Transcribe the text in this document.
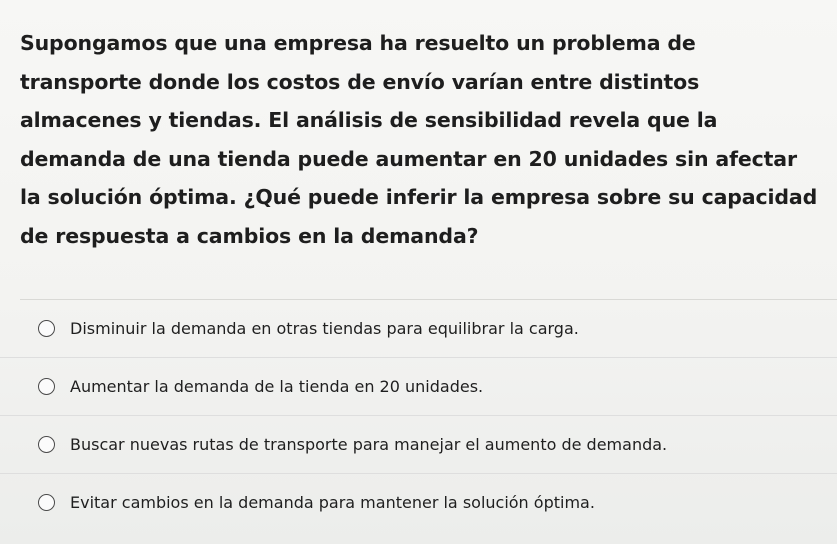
Supongamos que una empresa ha resuelto un problema de transporte donde los costos de envío varían entre distintos almacenes y tiendas. El análisis de sensibilidad revela que la demanda de una tienda puede aumentar en 20 unidades sin afectar la solución óptima. ¿Qué puede inferir la empresa sobre su capacidad de respuesta a cambios en la demanda?

Disminuir la demanda en otras tiendas para equilibrar la carga.
Aumentar la demanda de la tienda en 20 unidades.
Buscar nuevas rutas de transporte para manejar el aumento de demanda.
Evitar cambios en la demanda para mantener la solución óptima.
